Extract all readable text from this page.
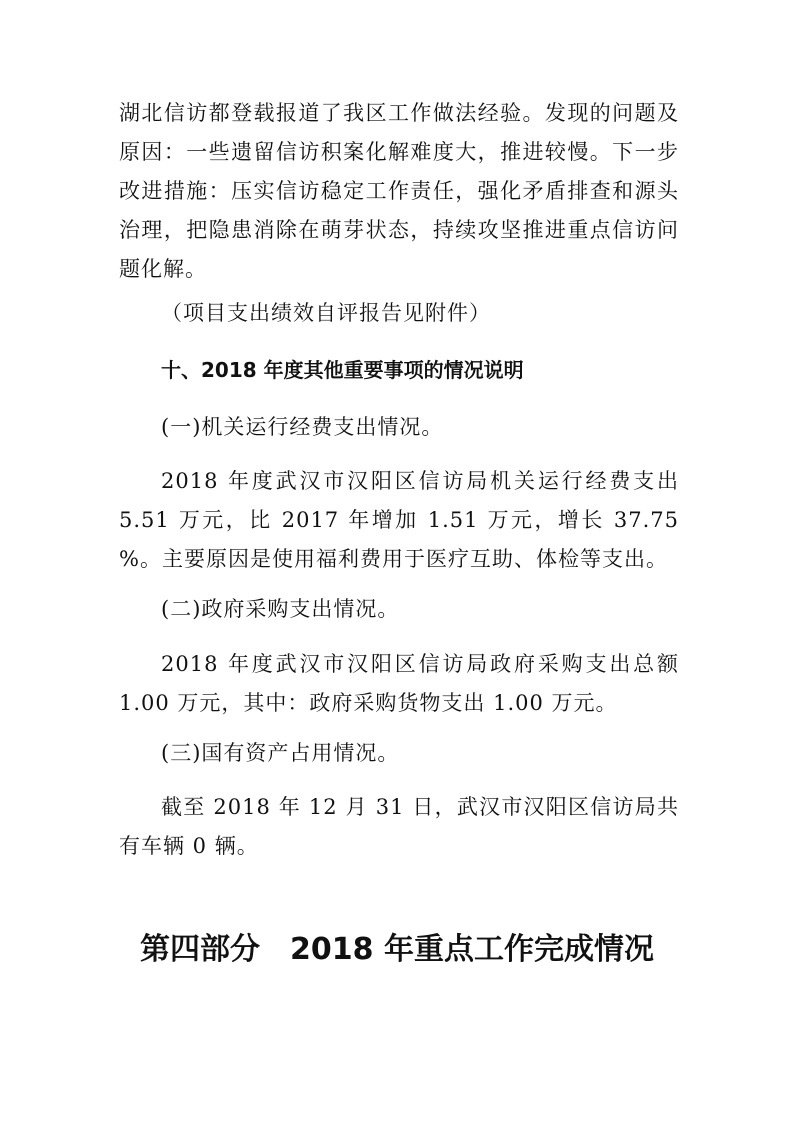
湖北信访都登载报道了我区工作做法经验。发现的问题及原因：一些遗留信访积案化解难度大，推进较慢。下一步改进措施：压实信访稳定工作责任，强化矛盾排查和源头治理，把隐患消除在萌芽状态，持续攻坚推进重点信访问题化解。

（项目支出绩效自评报告见附件）

十、2018 年度其他重要事项的情况说明

(一)机关运行经费支出情况。

2018 年度武汉市汉阳区信访局机关运行经费支出 5.51 万元，比 2017 年增加 1.51 万元，增长 37.75 %。主要原因是使用福利费用于医疗互助、体检等支出。

(二)政府采购支出情况。

2018 年度武汉市汉阳区信访局政府采购支出总额 1.00 万元，其中：政府采购货物支出 1.00 万元。

(三)国有资产占用情况。

截至 2018 年 12 月 31 日，武汉市汉阳区信访局共有车辆 0 辆。

第四部分　2018 年重点工作完成情况
